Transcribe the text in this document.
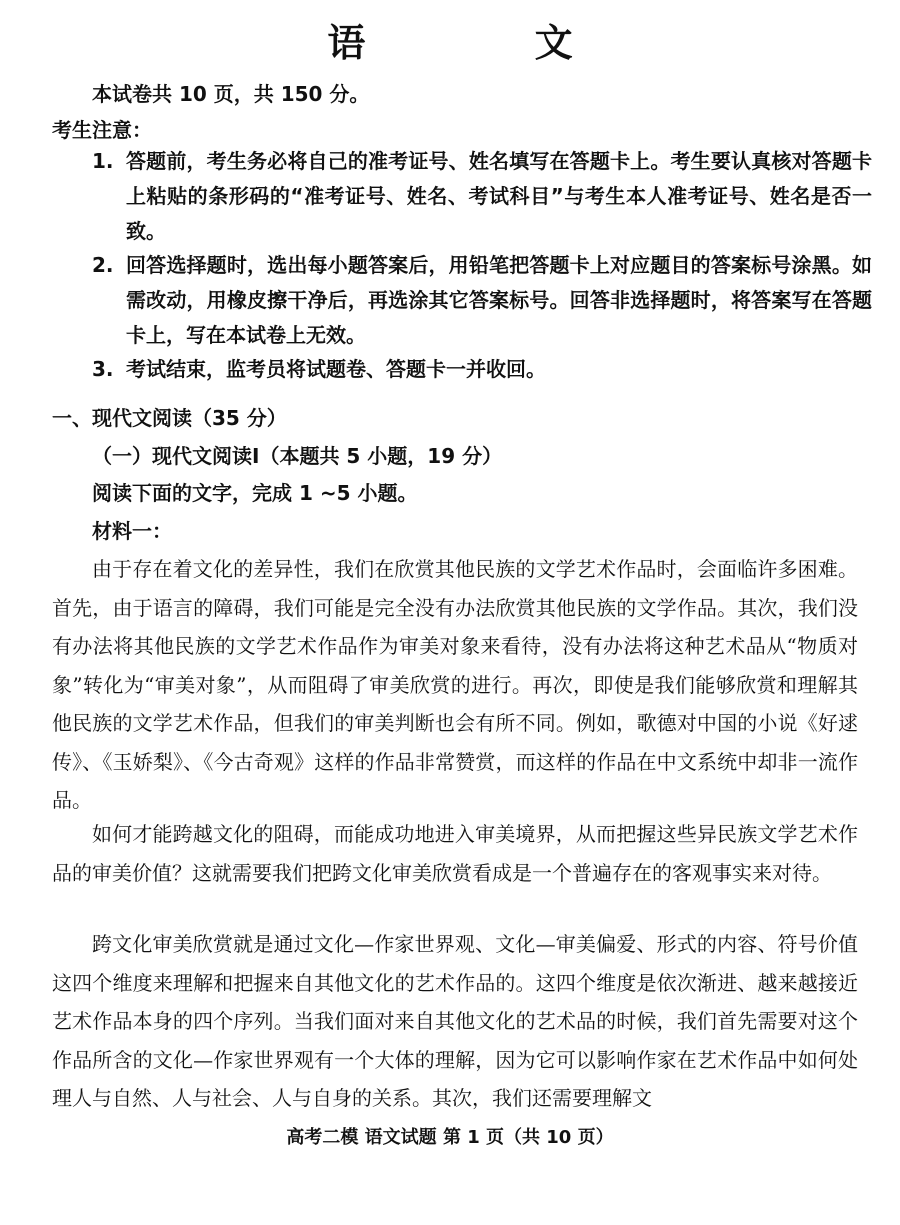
语 文
本试卷共 10 页，共 150 分。
考生注意：
1. 答题前，考生务必将自己的准考证号、姓名填写在答题卡上。考生要认真核对答题卡上粘贴的条形码的“准考证号、姓名、考试科目”与考生本人准考证号、姓名是否一致。
2. 回答选择题时，选出每小题答案后，用铅笔把答题卡上对应题目的答案标号涂黑。如需改动，用橡皮擦干净后，再选涂其它答案标号。回答非选择题时，将答案写在答题卡上，写在本试卷上无效。
3. 考试结束，监考员将试题卷、答题卡一并收回。
一、现代文阅读（35 分）
（一）现代文阅读Ⅰ（本题共 5 小题，19 分）
阅读下面的文字，完成 1 ~5 小题。
材料一：
由于存在着文化的差异性，我们在欣赏其他民族的文学艺术作品时，会面临许多困难。首先，由于语言的障碍，我们可能是完全没有办法欣赏其他民族的文学作品。其次，我们没有办法将其他民族的文学艺术作品作为审美对象来看待，没有办法将这种艺术品从“物质对象”转化为“审美对象”，从而阻碍了审美欣赏的进行。再次，即使是我们能够欣赏和理解其他民族的文学艺术作品，但我们的审美判断也会有所不同。例如，歌德对中国的小说《好逑传》、《玉娇梨》、《今古奇观》这样的作品非常赞赏，而这样的作品在中文系统中却非一流作品。
如何才能跨越文化的阻碍，而能成功地进入审美境界，从而把握这些异民族文学艺术作品的审美价值？这就需要我们把跨文化审美欣赏看成是一个普遍存在的客观事实来对待。
跨文化审美欣赏就是通过文化—作家世界观、文化—审美偏爱、形式的内容、符号价值这四个维度来理解和把握来自其他文化的艺术作品的。这四个维度是依次渐进、越来越接近艺术作品本身的四个序列。当我们面对来自其他文化的艺术品的时候，我们首先需要对这个作品所含的文化—作家世界观有一个大体的理解，因为它可以影响作家在艺术作品中如何处理人与自然、人与社会、人与自身的关系。其次，我们还需要理解文
高考二模 语文试题 第 1 页（共 10 页）
